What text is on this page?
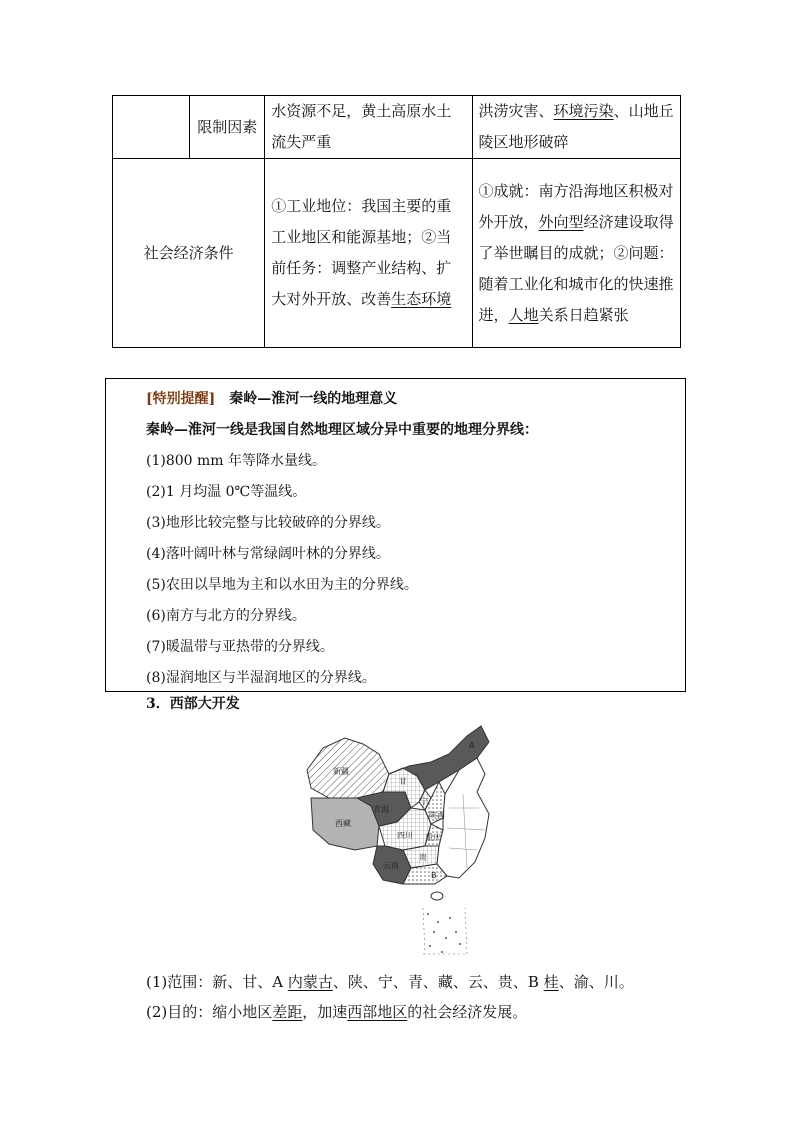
	限制因素	水资源不足，黄土高原水土流失严重	洪涝灾害、环境污染、山地丘陵区地形破碎
社会经济条件		①工业地位：我国主要的重工业地区和能源基地；②当前任务：调整产业结构、扩大对外开放、改善生态环境	①成就：南方沿海地区积极对外开放，外向型经济建设取得了举世瞩目的成就；②问题：随着工业化和城市化的快速推进，人地关系日趋紧张
[特别提醒] 秦岭—淮河一线的地理意义
秦岭—淮河一线是我国自然地理区域分异中重要的地理分界线：
(1)800 mm 年等降水量线。
(2)1 月均温 0℃等温线。
(3)地形比较完整与比较破碎的分界线。
(4)落叶阔叶林与常绿阔叶林的分界线。
(5)农田以旱地为主和以水田为主的分界线。
(6)南方与北方的分界线。
(7)暖温带与亚热带的分界线。
(8)湿润地区与半湿润地区的分界线。
3．西部大开发
新疆
西藏
甘
青海
宁
陕西
四川 重庆
云南
贵
A
B
(1)范围：新、甘、A 内蒙古、陕、宁、青、藏、云、贵、B 桂、渝、川。
(2)目的：缩小地区差距，加速西部地区的社会经济发展。
